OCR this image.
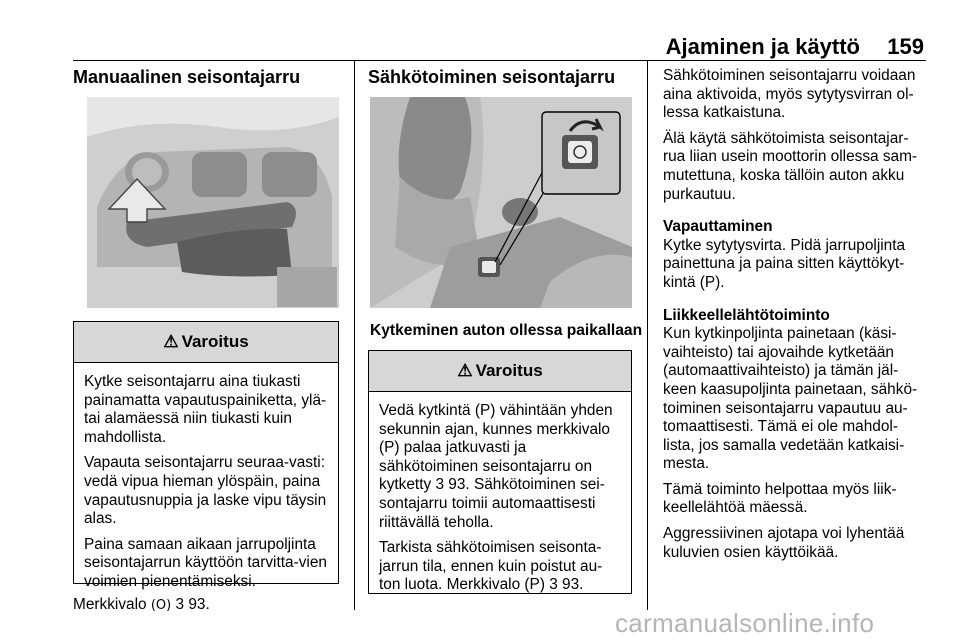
Ajaminen ja käyttö	159
Manuaalinen seisontajarru
⚠ Varoitus

Kytke seisontajarru aina tiukasti painamatta vapautuspainiketta, ylä- tai alamäessä niin tiukasti kuin mahdollista.

Vapauta seisontajarru seuraa-vasti: vedä vipua hieman ylöspäin, paina vapautusnuppia ja laske vipu täysin alas.

Paina samaan aikaan jarrupoljinta seisontajarrun käyttöön tarvitta-vien voimien pienentämiseksi.

Merkkivalo (O) 3 93.
Sähkötoiminen seisontajarru
Kytkeminen auton ollessa paikallaan
⚠ Varoitus

Vedä kytkintä (P) vähintään yhden sekunnin ajan, kunnes merkkivalo (P) palaa jatkuvasti ja sähkötoiminen seisontajarru on kytketty 3 93. Sähkötoiminen sei-sontajarru toimii automaattisesti riittävällä teholla.

Tarkista sähkötoimisen seisonta-jarrun tila, ennen kuin poistut au-ton luota. Merkkivalo (P) 3 93.

Sähkötoiminen seisontajarru voidaan aina aktivoida, myös sytytysvirran ol-lessa katkaistuna.

Älä käytä sähkötoimista seisontajar-rua liian usein moottorin ollessa sam-mutettuna, koska tällöin auton akku purkautuu.

Vapauttaminen

Kytke sytytysvirta. Pidä jarrupoljinta painettuna ja paina sitten käyttökyt-kintä (P).

Liikkeellelähtötoiminto

Kun kytkinpoljinta painetaan (käsi-vaihteisto) tai ajovaihde kytketään (automaattivaihteisto) ja tämän jäl-keen kaasupoljinta painetaan, sähkö-toiminen seisontajarru vapautuu au-tomaattisesti. Tämä ei ole mahdol-lista, jos samalla vedetään katkaisi-mesta.

Tämä toiminto helpottaa myös liik-keellelähtöä mäessä.

Aggressiivinen ajotapa voi lyhentää kuluvien osien käyttöikää.

carmanualsonline.info
